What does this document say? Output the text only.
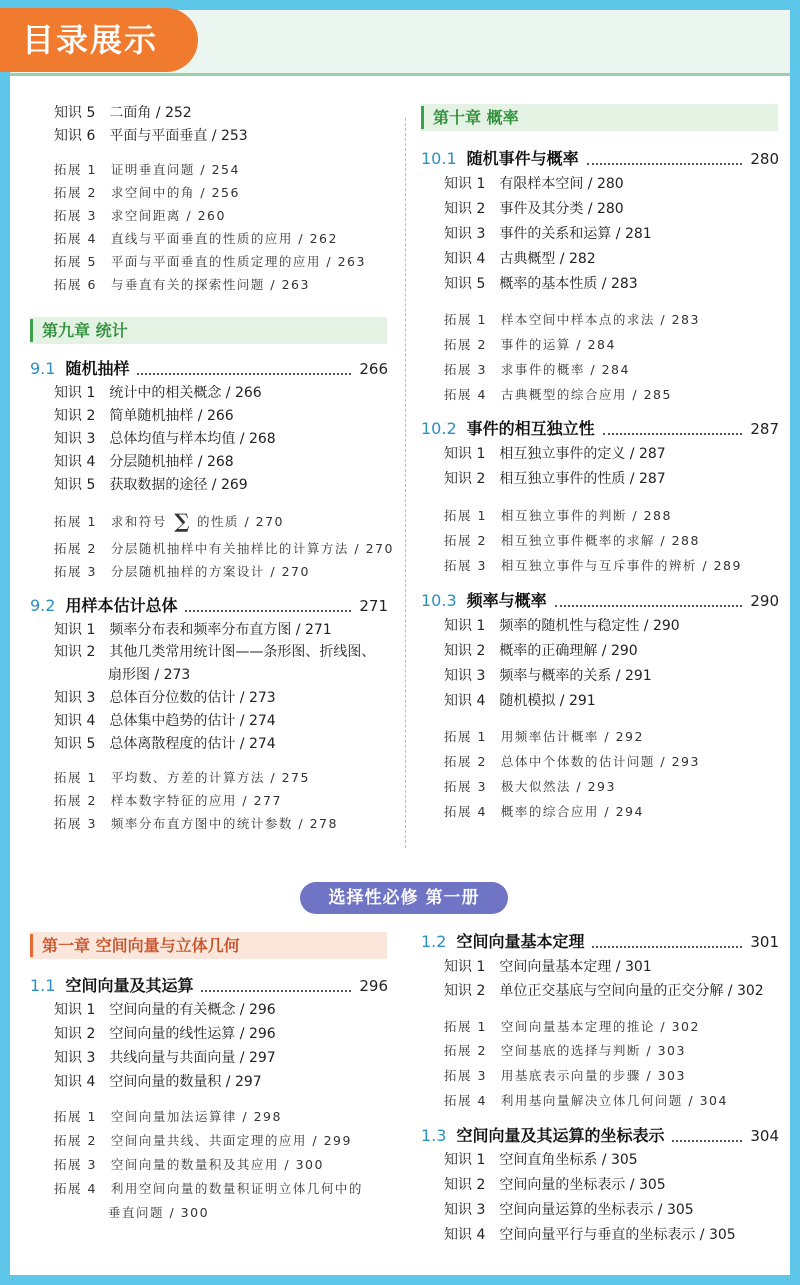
目录展示
知识 5　二面角 / 252
知识 6　平面与平面垂直 / 253
拓展 1　证明垂直问题 / 254
拓展 2　求空间中的角 / 256
拓展 3　求空间距离 / 260
拓展 4　直线与平面垂直的性质的应用 / 262
拓展 5　平面与平面垂直的性质定理的应用 / 263
拓展 6　与垂直有关的探索性问题 / 263
第九章 统计
9.1 随机抽样	266
知识 1　统计中的相关概念 / 266
知识 2　简单随机抽样 / 266
知识 3　总体均值与样本均值 / 268
知识 4　分层随机抽样 / 268
知识 5　获取数据的途径 / 269
拓展 1　求和符号 ∑ 的性质 / 270
拓展 2　分层随机抽样中有关抽样比的计算方法 / 270
拓展 3　分层随机抽样的方案设计 / 270
9.2 用样本估计总体	271
知识 1　频率分布表和频率分布直方图 / 271
知识 2　其他几类常用统计图——条形图、折线图、
扇形图 / 273
知识 3　总体百分位数的估计 / 273
知识 4　总体集中趋势的估计 / 274
知识 5　总体离散程度的估计 / 274
拓展 1　平均数、方差的计算方法 / 275
拓展 2　样本数字特征的应用 / 277
拓展 3　频率分布直方图中的统计参数 / 278
第十章 概率
10.1 随机事件与概率	280
知识 1　有限样本空间 / 280
知识 2　事件及其分类 / 280
知识 3　事件的关系和运算 / 281
知识 4　古典概型 / 282
知识 5　概率的基本性质 / 283
拓展 1　样本空间中样本点的求法 / 283
拓展 2　事件的运算 / 284
拓展 3　求事件的概率 / 284
拓展 4　古典概型的综合应用 / 285
10.2 事件的相互独立性	287
知识 1　相互独立事件的定义 / 287
知识 2　相互独立事件的性质 / 287
拓展 1　相互独立事件的判断 / 288
拓展 2　相互独立事件概率的求解 / 288
拓展 3　相互独立事件与互斥事件的辨析 / 289
10.3 频率与概率	290
知识 1　频率的随机性与稳定性 / 290
知识 2　概率的正确理解 / 290
知识 3　频率与概率的关系 / 291
知识 4　随机模拟 / 291
拓展 1　用频率估计概率 / 292
拓展 2　总体中个体数的估计问题 / 293
拓展 3　极大似然法 / 293
拓展 4　概率的综合应用 / 294
选择性必修 第一册
第一章 空间向量与立体几何
1.1 空间向量及其运算	296
知识 1　空间向量的有关概念 / 296
知识 2　空间向量的线性运算 / 296
知识 3　共线向量与共面向量 / 297
知识 4　空间向量的数量积 / 297
拓展 1　空间向量加法运算律 / 298
拓展 2　空间向量共线、共面定理的应用 / 299
拓展 3　空间向量的数量积及其应用 / 300
拓展 4　利用空间向量的数量积证明立体几何中的
垂直问题 / 300
1.2 空间向量基本定理	301
知识 1　空间向量基本定理 / 301
知识 2　单位正交基底与空间向量的正交分解 / 302
拓展 1　空间向量基本定理的推论 / 302
拓展 2　空间基底的选择与判断 / 303
拓展 3　用基底表示向量的步骤 / 303
拓展 4　利用基向量解决立体几何问题 / 304
1.3 空间向量及其运算的坐标表示	304
知识 1　空间直角坐标系 / 305
知识 2　空间向量的坐标表示 / 305
知识 3　空间向量运算的坐标表示 / 305
知识 4　空间向量平行与垂直的坐标表示 / 305
